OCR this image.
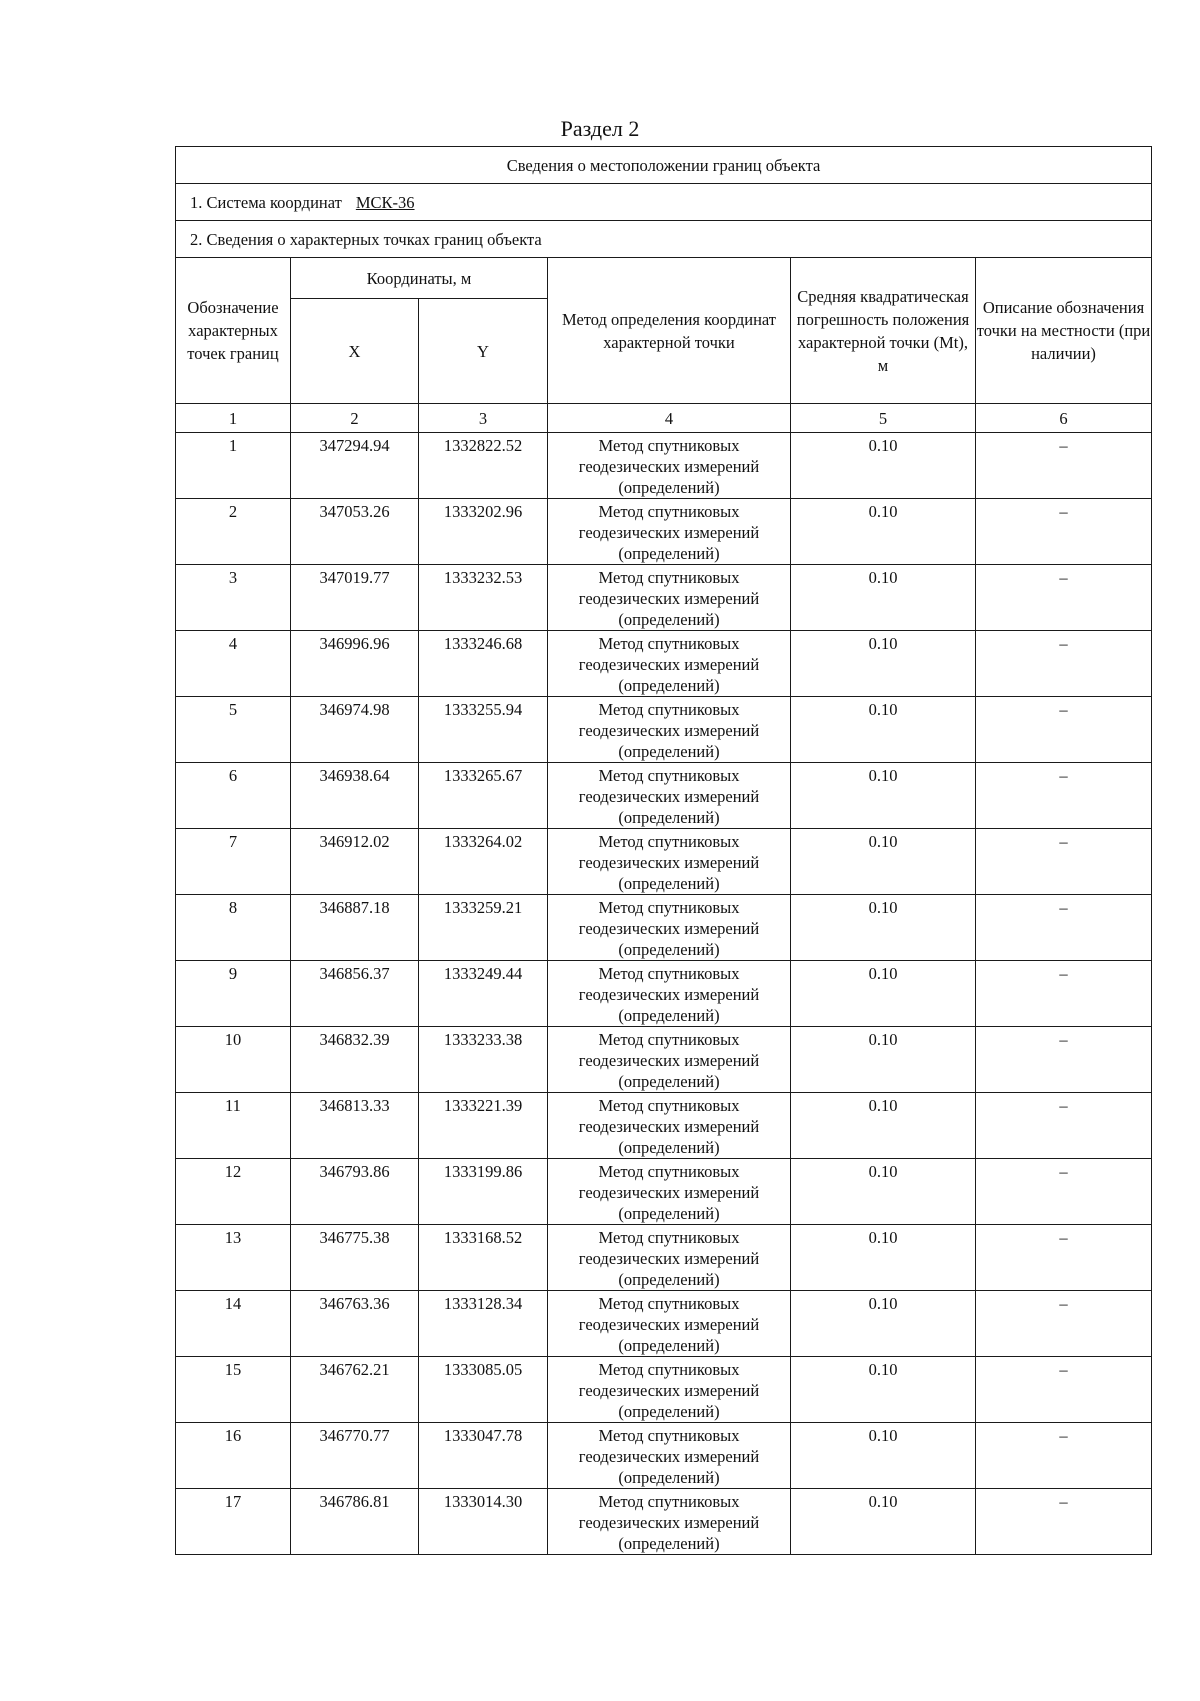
Раздел 2
Сведения о местоположении границ объекта					
1. Система координат МСК-36					
2. Сведения о характерных точках границ объекта					
Обозначение характерных точек границ	Координаты, м		Метод определения координат характерной точки	Средняя квадратическая погрешность положения характерной точки (Mt), м	Описание обозначения точки на местности (при наличии)
	X	Y			
1	2	3	4	5	6
1	347294.94	1332822.52	Метод спутниковых геодезических измерений (определений)	0.10	–
2	347053.26	1333202.96	Метод спутниковых геодезических измерений (определений)	0.10	–
3	347019.77	1333232.53	Метод спутниковых геодезических измерений (определений)	0.10	–
4	346996.96	1333246.68	Метод спутниковых геодезических измерений (определений)	0.10	–
5	346974.98	1333255.94	Метод спутниковых геодезических измерений (определений)	0.10	–
6	346938.64	1333265.67	Метод спутниковых геодезических измерений (определений)	0.10	–
7	346912.02	1333264.02	Метод спутниковых геодезических измерений (определений)	0.10	–
8	346887.18	1333259.21	Метод спутниковых геодезических измерений (определений)	0.10	–
9	346856.37	1333249.44	Метод спутниковых геодезических измерений (определений)	0.10	–
10	346832.39	1333233.38	Метод спутниковых геодезических измерений (определений)	0.10	–
11	346813.33	1333221.39	Метод спутниковых геодезических измерений (определений)	0.10	–
12	346793.86	1333199.86	Метод спутниковых геодезических измерений (определений)	0.10	–
13	346775.38	1333168.52	Метод спутниковых геодезических измерений (определений)	0.10	–
14	346763.36	1333128.34	Метод спутниковых геодезических измерений (определений)	0.10	–
15	346762.21	1333085.05	Метод спутниковых геодезических измерений (определений)	0.10	–
16	346770.77	1333047.78	Метод спутниковых геодезических измерений (определений)	0.10	–
17	346786.81	1333014.30	Метод спутниковых геодезических измерений (определений)	0.10	–
